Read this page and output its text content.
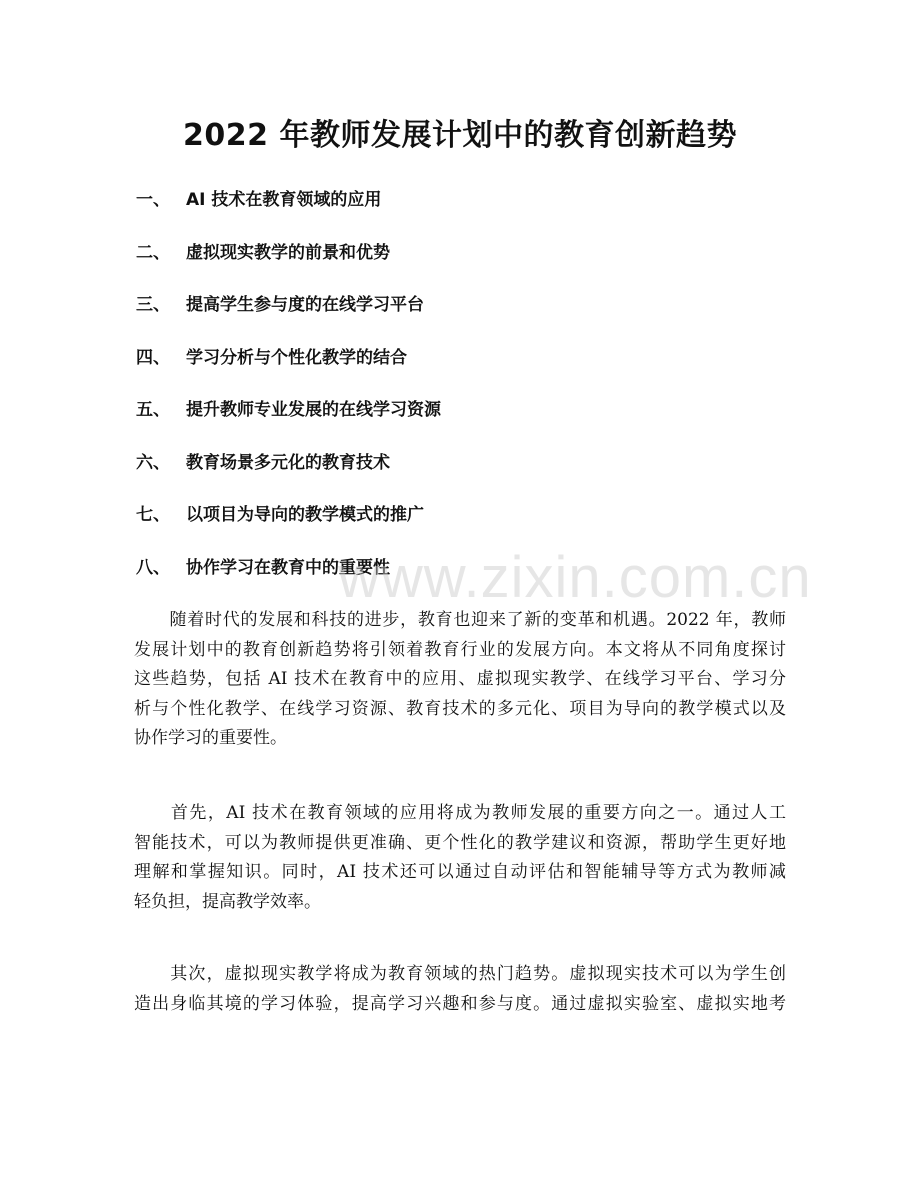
2022 年教师发展计划中的教育创新趋势
一、 AI 技术在教育领域的应用
二、 虚拟现实教学的前景和优势
三、 提高学生参与度的在线学习平台
四、 学习分析与个性化教学的结合
五、 提升教师专业发展的在线学习资源
六、 教育场景多元化的教育技术
七、 以项目为导向的教学模式的推广
八、 协作学习在教育中的重要性
www.zixin.com.cn

　　随着时代的发展和科技的进步，教育也迎来了新的变革和机遇。2022 年，教师
发展计划中的教育创新趋势将引领着教育行业的发展方向。本文将从不同角度探讨
这些趋势，包括 AI 技术在教育中的应用、虚拟现实教学、在线学习平台、学习分
析与个性化教学、在线学习资源、教育技术的多元化、项目为导向的教学模式以及
协作学习的重要性。

　　首先，AI 技术在教育领域的应用将成为教师发展的重要方向之一。通过人工
智能技术，可以为教师提供更准确、更个性化的教学建议和资源，帮助学生更好地
理解和掌握知识。同时，AI 技术还可以通过自动评估和智能辅导等方式为教师减
轻负担，提高教学效率。

　　其次，虚拟现实教学将成为教育领域的热门趋势。虚拟现实技术可以为学生创
造出身临其境的学习体验，提高学习兴趣和参与度。通过虚拟实验室、虚拟实地考
